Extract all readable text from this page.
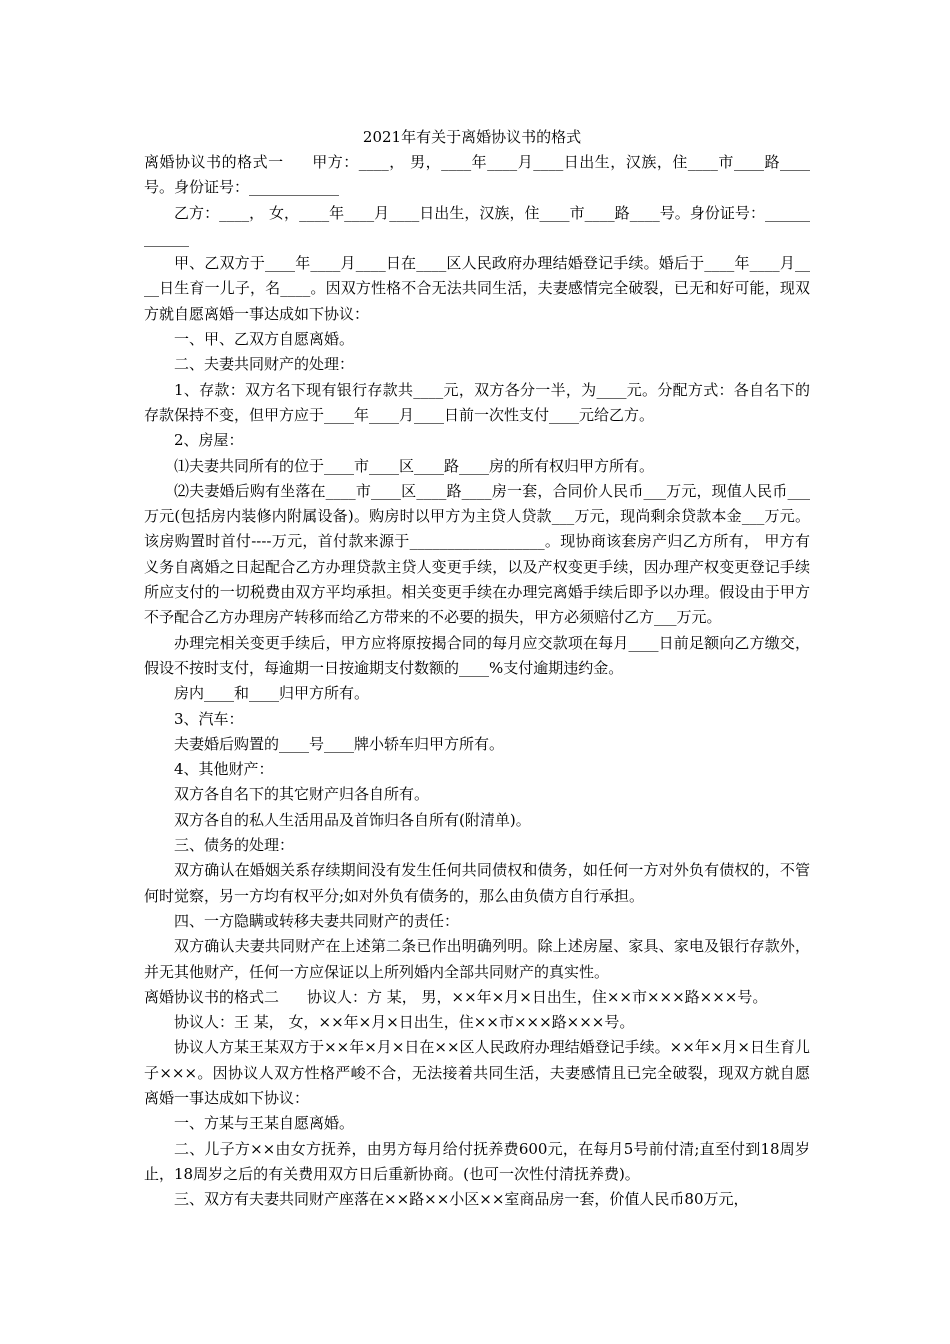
2021年有关于离婚协议书的格式

离婚协议书的格式一 甲方：____， 男，____年____月____日出生，汉族，住____市____路____号。身份证号：____________

乙方：____， 女，____年____月____日出生，汉族，住____市____路____号。身份证号：____________

甲、乙双方于____年____月____日在____区人民政府办理结婚登记手续。婚后于____年____月____日生育一儿子，名____。因双方性格不合无法共同生活，夫妻感情完全破裂，已无和好可能，现双方就自愿离婚一事达成如下协议：

一、甲、乙双方自愿离婚。

二、夫妻共同财产的处理：

1、存款：双方名下现有银行存款共____元，双方各分一半，为____元。分配方式：各自名下的存款保持不变，但甲方应于____年____月____日前一次性支付____元给乙方。

2、房屋：

⑴夫妻共同所有的位于____市____区____路____房的所有权归甲方所有。

⑵夫妻婚后购有坐落在____市____区____路____房一套，合同价人民币___万元，现值人民币___万元(包括房内装修内附属设备)。购房时以甲方为主贷人贷款___万元，现尚剩余贷款本金___万元。该房购置时首付----万元，首付款来源于__________________。现协商该套房产归乙方所有， 甲方有义务自离婚之日起配合乙方办理贷款主贷人变更手续，以及产权变更手续，因办理产权变更登记手续所应支付的一切税费由双方平均承担。相关变更手续在办理完离婚手续后即予以办理。假设由于甲方不予配合乙方办理房产转移而给乙方带来的不必要的损失，甲方必须赔付乙方___万元。

办理完相关变更手续后，甲方应将原按揭合同的每月应交款项在每月____日前足额向乙方缴交，假设不按时支付，每逾期一日按逾期支付数额的____%支付逾期违约金。

房内____和____归甲方所有。

3、汽车：

夫妻婚后购置的____号____牌小轿车归甲方所有。

4、其他财产：

双方各自名下的其它财产归各自所有。

双方各自的私人生活用品及首饰归各自所有(附清单)。

三、债务的处理：

双方确认在婚姻关系存续期间没有发生任何共同债权和债务，如任何一方对外负有债权的，不管何时觉察，另一方均有权平分;如对外负有债务的，那么由负债方自行承担。

四、一方隐瞒或转移夫妻共同财产的责任：

双方确认夫妻共同财产在上述第二条已作出明确列明。除上述房屋、家具、家电及银行存款外，并无其他财产，任何一方应保证以上所列婚内全部共同财产的真实性。

离婚协议书的格式二 协议人：方 某， 男，××年×月×日出生，住××市×××路×××号。

协议人：王 某， 女，××年×月×日出生，住××市×××路×××号。

协议人方某王某双方于××年×月×日在××区人民政府办理结婚登记手续。××年×月×日生育儿子×××。因协议人双方性格严峻不合，无法接着共同生活，夫妻感情且已完全破裂，现双方就自愿离婚一事达成如下协议：

一、方某与王某自愿离婚。

二、儿子方××由女方抚养，由男方每月给付抚养费600元，在每月5号前付清;直至付到18周岁止，18周岁之后的有关费用双方日后重新协商。(也可一次性付清抚养费)。

三、双方有夫妻共同财产座落在××路××小区××室商品房一套，价值人民币80万元，
